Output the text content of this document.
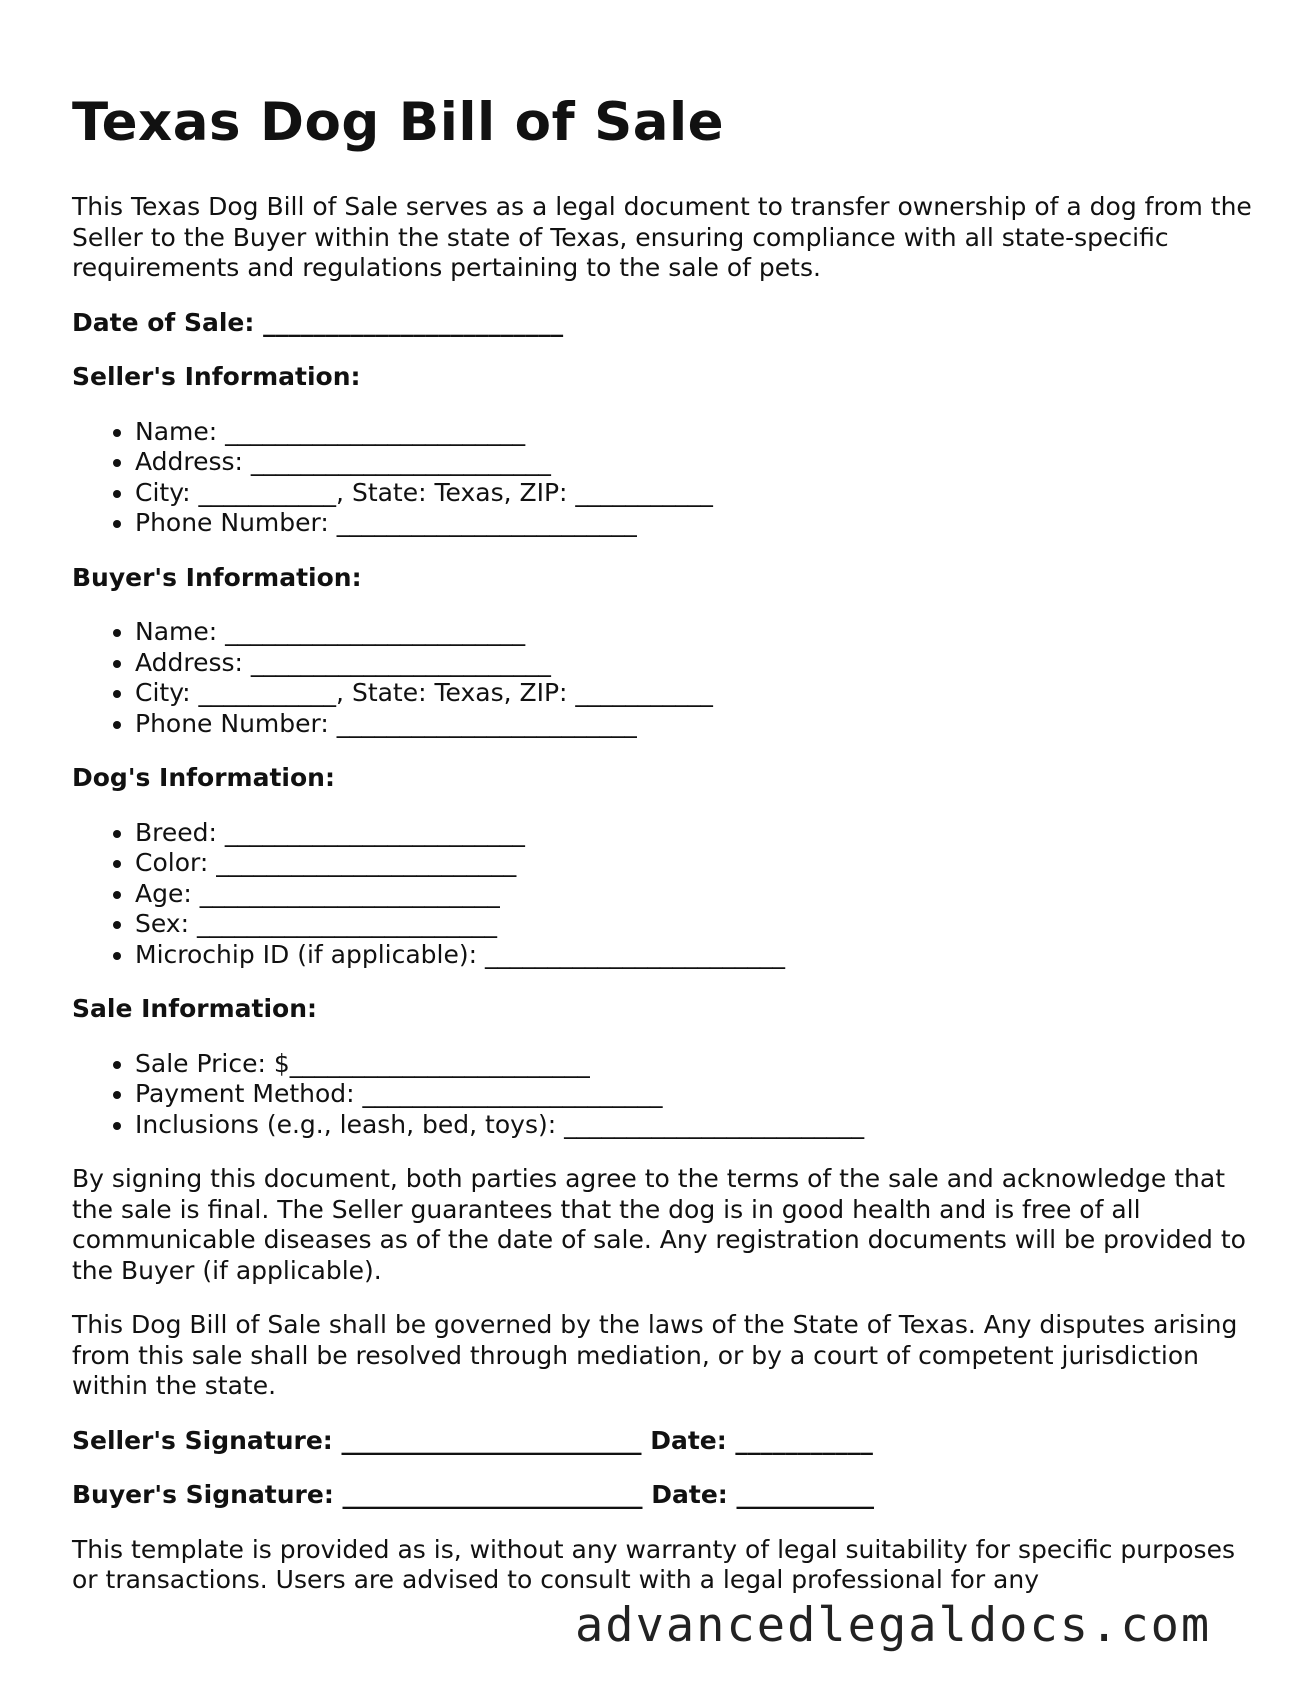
Texas Dog Bill of Sale

This Texas Dog Bill of Sale serves as a legal document to transfer ownership of a dog from the Seller to the Buyer within the state of Texas, ensuring compliance with all state-specific requirements and regulations pertaining to the sale of pets.

Date of Sale: ________________________
Seller's Information:
• Name: ________________________
• Address: ________________________
• City: ___________, State: Texas, ZIP: ___________
• Phone Number: ________________________
Buyer's Information:
• Name: ________________________
• Address: ________________________
• City: ___________, State: Texas, ZIP: ___________
• Phone Number: ________________________
Dog's Information:
• Breed: ________________________
• Color: ________________________
• Age: ________________________
• Sex: ________________________
• Microchip ID (if applicable): ________________________
Sale Information:
• Sale Price: $________________________
• Payment Method: ________________________
• Inclusions (e.g., leash, bed, toys): ________________________

By signing this document, both parties agree to the terms of the sale and acknowledge that the sale is final. The Seller guarantees that the dog is in good health and is free of all communicable diseases as of the date of sale. Any registration documents will be provided to the Buyer (if applicable).

This Dog Bill of Sale shall be governed by the laws of the State of Texas. Any disputes arising from this sale shall be resolved through mediation, or by a court of competent jurisdiction within the state.

Seller's Signature: ________________________ Date: ___________
Buyer's Signature: ________________________ Date: ___________

This template is provided as is, without any warranty of legal suitability for specific purposes or transactions. Users are advised to consult with a legal professional for any

advancedlegaldocs.com
